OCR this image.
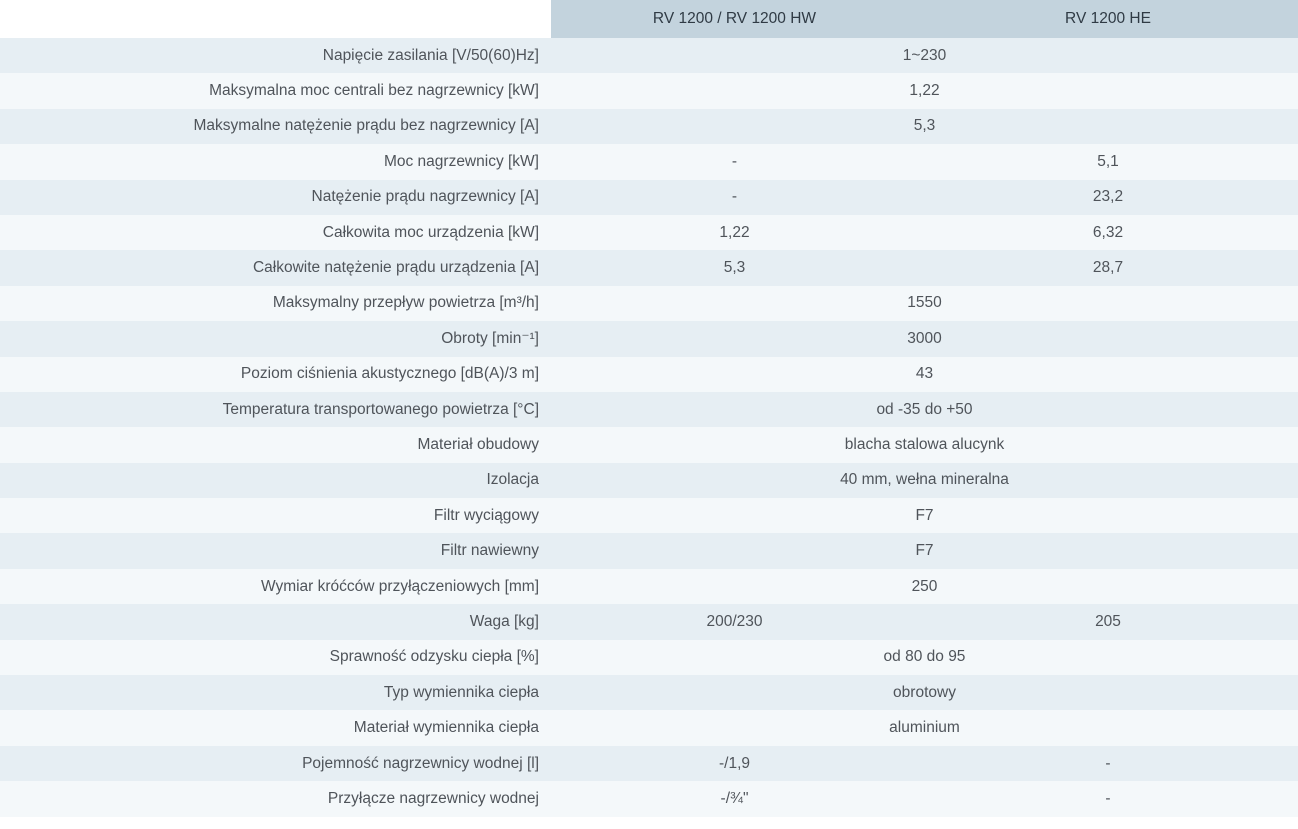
	RV 1200 / RV 1200 HW	RV 1200 HE
Napięcie zasilania [V/50(60)Hz]	1~230	
Maksymalna moc centrali bez nagrzewnicy [kW]	1,22	
Maksymalne natężenie prądu bez nagrzewnicy [A]	5,3	
Moc nagrzewnicy [kW]	-	5,1
Natężenie prądu nagrzewnicy [A]	-	23,2
Całkowita moc urządzenia [kW]	1,22	6,32
Całkowite natężenie prądu urządzenia [A]	5,3	28,7
Maksymalny przepływ powietrza [m³/h]	1550	
Obroty [min⁻¹]	3000	
Poziom ciśnienia akustycznego [dB(A)/3 m]	43	
Temperatura transportowanego powietrza [°C]	od -35 do +50	
Materiał obudowy	blacha stalowa alucynk	
Izolacja	40 mm, wełna mineralna	
Filtr wyciągowy	F7	
Filtr nawiewny	F7	
Wymiar króćców przyłączeniowych [mm]	250	
Waga [kg]	200/230	205
Sprawność odzysku ciepła [%]	od 80 do 95	
Typ wymiennika ciepła	obrotowy	
Materiał wymiennika ciepła	aluminium	
Pojemność nagrzewnicy wodnej [l]	-/1,9	-
Przyłącze nagrzewnicy wodnej	-/¾"	-
